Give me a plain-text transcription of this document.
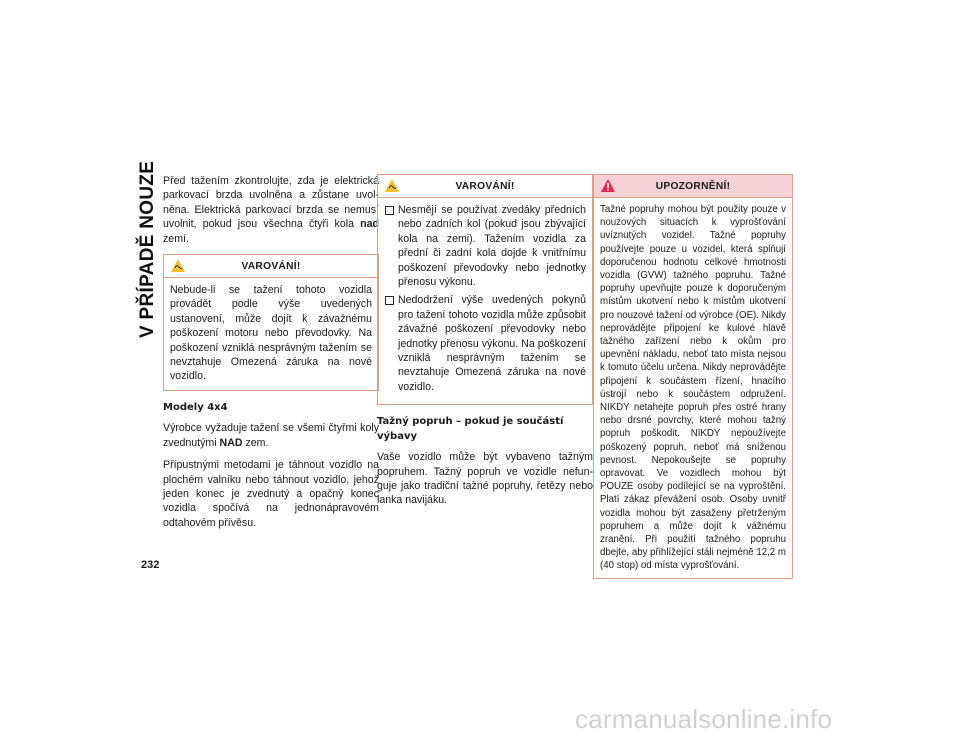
V PŘÍPADĚ NOUZE
232

Před tažením zkontrolujte, zda je elektrická parkovací brzda uvolněna a zůstane uvol-něna. Elektrická parkovací brzda se nemusí uvolnit, pokud jsou všechna čtyři kola nad zemí.

VAROVÁNÍ!

Nebude-li se tažení tohoto vozidla provádět podle výše uvedených ustanovení, může dojít k závažnému poškození motoru nebo převodovky. Na poškození vzniklá nesprávným tažením se nevztahuje Omezená záruka na nové vozidlo.

Modely 4x4

Výrobce vyžaduje tažení se všemi čtyřmi koly zvednutými NAD zem.

Přípustnými metodami je táhnout vozidlo na plochém valníku nebo táhnout vozidlo, jehož jeden konec je zvednutý a opačný konec vozidla spočívá na jednonápravovém odtahovém přívěsu.

VAROVÁNÍ!
Nesmějí se používat zvedáky předních nebo zadních kol (pokud jsou zbývající kola na zemi). Tažením vozidla za přední či zadní kola dojde k vnitřnímu poškození převodovky nebo jednotky přenosu výkonu.
Nedodržení výše uvedených pokynů pro tažení tohoto vozidla může způsobit závažné poškození převodovky nebo jednotky přenosu výkonu. Na poškození vzniklá nesprávným tažením se nevztahuje Omezená záruka na nové vozidlo.
Tažný popruh – pokud je součástí výbavy

Vaše vozidlo může být vybaveno tažným popruhem. Tažný popruh ve vozidle nefun-guje jako tradiční tažné popruhy, řetězy nebo lanka navijáku.

UPOZORNĚNÍ!

Tažné popruhy mohou být použity pouze v nouzových situacích k vyprošťování uvíznutých vozidel. Tažné popruhy používejte pouze u vozidel, která splňují doporučenou hodnotu celkové hmotnosti vozidla (GVW) tažného popruhu. Tažné popruhy upevňujte pouze k doporučeným místům ukotvení nebo k místům ukotvení pro nouzové tažení od výrobce (OE). Nikdy neprovádějte připojení ke kulové hlavě tažného zařízení nebo k okům pro upevnění nákladu, neboť tato místa nejsou k tomuto účelu určena. Nikdy neprovádějte připojení k součástem řízení, hnacího ústrojí nebo k součástem odpružení. NIKDY netahejte popruh přes ostré hrany nebo drsné povrchy, které mohou tažný popruh poškodit. NIKDY nepoužívejte poškozený popruh, neboť má sníženou pevnost. Nepokoušejte se popruhy opravovat. Ve vozidlech mohou být POUZE osoby podílející se na vyproštění. Platí zákaz převážení osob. Osoby uvnitř vozidla mohou být zasaženy přetrženým popruhem a může dojít k vážnému zranění. Při použití tažného popruhu dbejte, aby přihlížející stáli nejméně 12,2 m (40 stop) od místa vyprošťování.

carmanualsonline.info
